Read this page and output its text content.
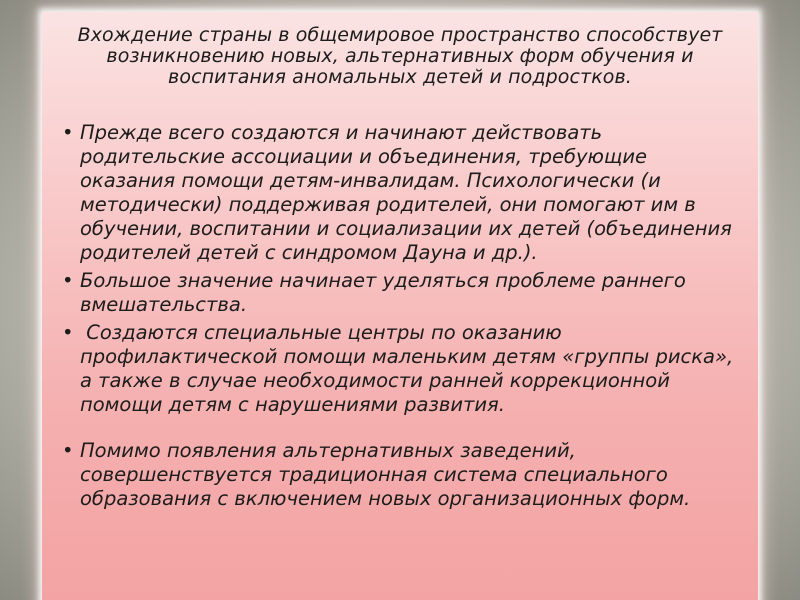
Вхождение страны в общемировое пространство способствует возникновению новых, альтернативных форм обучения и воспитания аномальных детей и подростков.

• Прежде всего создаются и начинают действовать родительские ассоциации и объединения, требующие оказания помощи детям-инвалидам. Психологически (и методически) поддерживая родителей, они помогают им в обучении, воспитании и социализации их детей (объединения родителей детей с синдромом Дауна и др.).
• Большое значение начинает уделяться проблеме раннего вмешательства.
• Создаются специальные центры по оказанию профилактической помощи маленьким детям «группы риска», а также в случае необходимости ранней коррекционной помощи детям с нарушениями развития.
• Помимо появления альтернативных заведений, совершенствуется традиционная система специального образования с включением новых организационных форм.
